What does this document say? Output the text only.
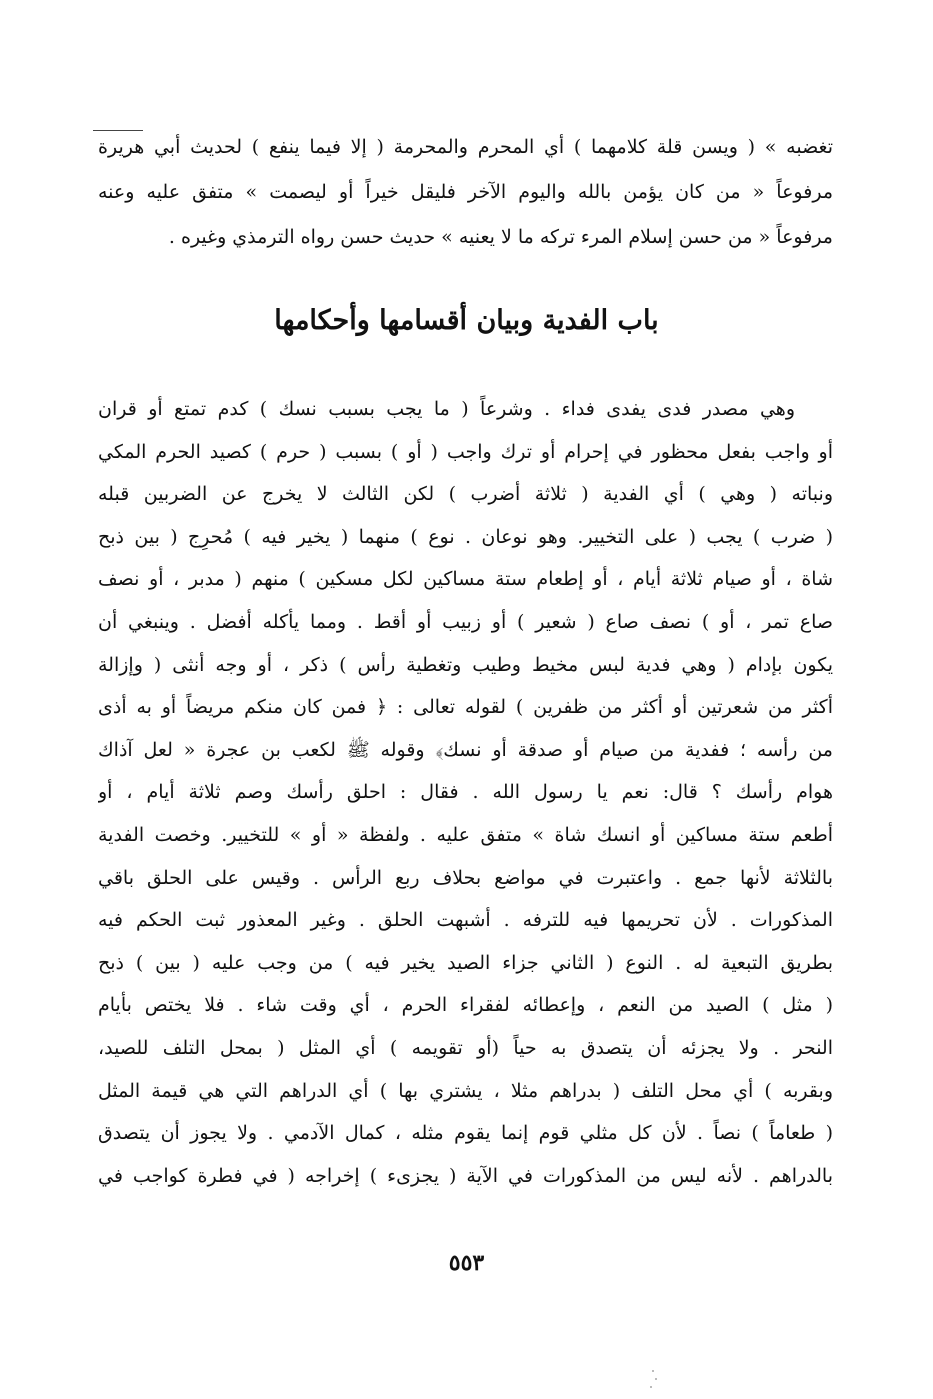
تغضبه » ( ويسن قلة كلامهما ) أي المحرم والمحرمة ( إلا فيما ينفع ) لحديث أبي هريرة
مرفوعاً « من كان يؤمن بالله واليوم الآخر فليقل خيراً أو ليصمت » متفق عليه وعنه
مرفوعاً « من حسن إسلام المرء تركه ما لا يعنيه » حديث حسن رواه الترمذي وغيره .
باب الفدية وبيان أقسامها وأحكامها
وهي مصدر فدى يفدى فداء . وشرعاً ( ما يجب بسبب نسك ) كدم تمتع أو قران
أو واجب بفعل محظور في إحرام أو ترك واجب ( أو ) بسبب ( حرم ) كصيد الحرم المكي
ونباته ( وهي ) أي الفدية ( ثلاثة أضرب ) لكن الثالث لا يخرج عن الضربين قبله
( ضرب ) يجب ( على التخيير. وهو نوعان . نوع ) منهما ( يخير فيه ) مُحرِج ( بين ذبح
شاة ، أو صيام ثلاثة أيام ، أو إطعام ستة مساكين لكل مسكين ) منهم ( مدبر ، أو نصف
صاع تمر ، أو ) نصف صاع ( شعير ) أو زبيب أو أقط . ومما يأكله أفضل . وينبغي أن
يكون بإدام ( وهي فدية لبس مخيط وطيب وتغطية رأس ) ذكر ، أو وجه أنثى ( وإزالة
أكثر من شعرتين أو أكثر من ظفرين ) لقوله تعالى : ﴿ فمن كان منكم مريضاً أو به أذى
من رأسه ؛ ففدية من صيام أو صدقة أو نسك﴾ وقوله ﷺ لكعب بن عجرة « لعل آذاك
هوام رأسك ؟ قال: نعم يا رسول الله . فقال : احلق رأسك وصم ثلاثة أيام ، أو
أطعم ستة مساكين أو انسك شاة » متفق عليه . ولفظة « أو » للتخيير. وخصت الفدية
بالثلاثة لأنها جمع . واعتبرت في مواضع بحلاف ربع الرأس . وقيس على الحلق باقي
المذكورات . لأن تحريمها فيه للترفه . أشبهت الحلق . وغير المعذور ثبت الحكم فيه
بطريق التبعية له . النوع ( الثاني جزاء الصيد يخير فيه ) من وجب عليه ( بين ) ذبح
( مثل ) الصيد من النعم ، وإعطائه لفقراء الحرم ، أي وقت شاء . فلا يختص بأيام
النحر . ولا يجزئه أن يتصدق به حياً (أو تقويمه ) أي المثل ( بمحل التلف للصيد،
وبقربه ) أي محل التلف ( بدراهم مثلا ، يشتري بها ) أي الدراهم التي هي قيمة المثل
( طعاماً ) نصاً . لأن كل مثلي قوم إنما يقوم مثله ، كمال الآدمي . ولا يجوز أن يتصدق
بالدراهم . لأنه ليس من المذكورات في الآية ( يجزىء ) إخراجه ( في فطرة كواجب في
٥٥٣
